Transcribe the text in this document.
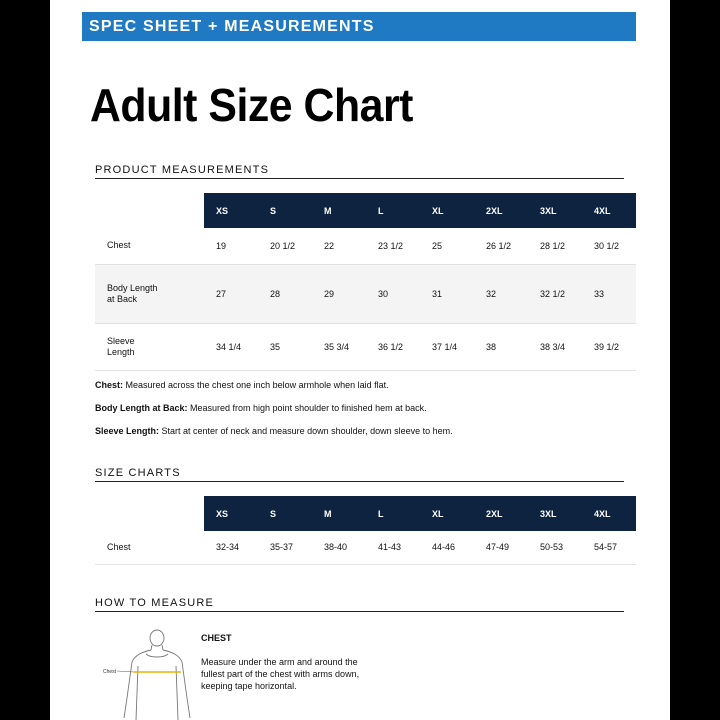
SPEC SHEET + MEASUREMENTS
Adult Size Chart
PRODUCT MEASUREMENTS
	XS	S	M	L	XL	2XL	3XL	4XL
Chest	19	20 1/2	22	23 1/2	25	26 1/2	28 1/2	30 1/2
Body Length at Back	27	28	29	30	31	32	32 1/2	33
Sleeve Length	34 1/4	35	35 3/4	36 1/2	37 1/4	38	38 3/4	39 1/2

Chest: Measured across the chest one inch below armhole when laid flat.

Body Length at Back: Measured from high point shoulder to finished hem at back.

Sleeve Length: Start at center of neck and measure down shoulder, down sleeve to hem.

SIZE CHARTS
	XS	S	M	L	XL	2XL	3XL	4XL
Chest	32-34	35-37	38-40	41-43	44-46	47-49	50-53	54-57
HOW TO MEASURE
Chest
CHEST
Measure under the arm and around the fullest part of the chest with arms down, keeping tape horizontal.
